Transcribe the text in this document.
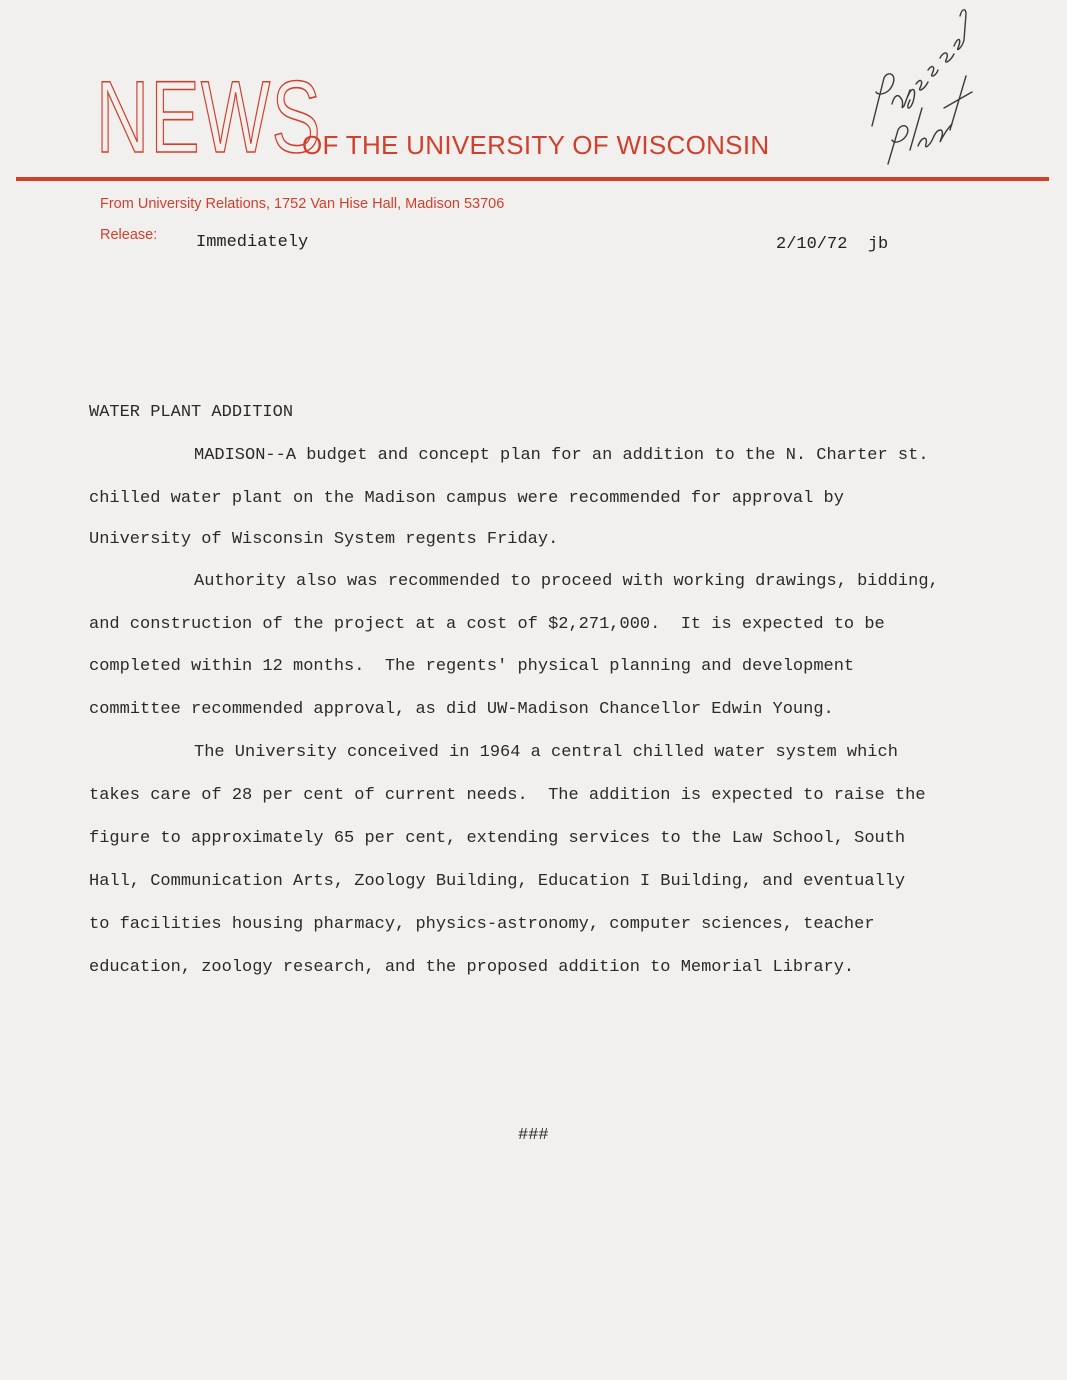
NEWS
OF THE UNIVERSITY OF WISCONSIN
From University Relations, 1752 Van Hise Hall, Madison 53706
Release: Immediately	2/10/72  jb
WATER PLANT ADDITION
MADISON--A budget and concept plan for an addition to the N. Charter st.
chilled water plant on the Madison campus were recommended for approval by
University of Wisconsin System regents Friday.
Authority also was recommended to proceed with working drawings, bidding,
and construction of the project at a cost of $2,271,000.  It is expected to be
completed within 12 months.  The regents' physical planning and development
committee recommended approval, as did UW-Madison Chancellor Edwin Young.
The University conceived in 1964 a central chilled water system which
takes care of 28 per cent of current needs.  The addition is expected to raise the
figure to approximately 65 per cent, extending services to the Law School, South
Hall, Communication Arts, Zoology Building, Education I Building, and eventually
to facilities housing pharmacy, physics-astronomy, computer sciences, teacher
education, zoology research, and the proposed addition to Memorial Library.
###
